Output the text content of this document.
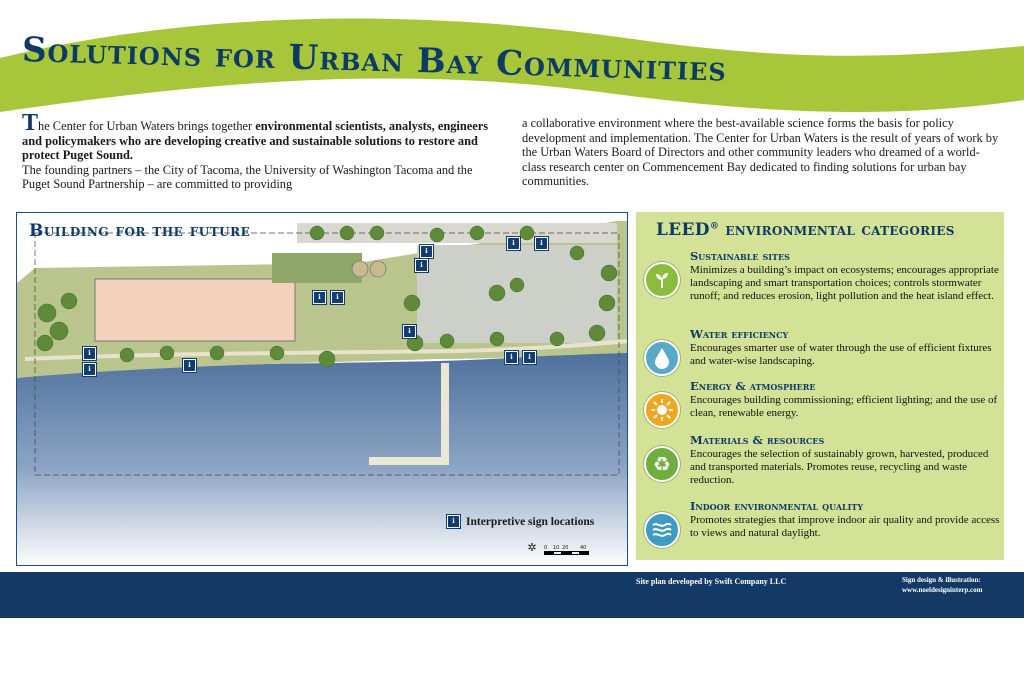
Solutions for Urban Bay Communities
The Center for Urban Waters brings together environmental scientists, analysts, engineers and policymakers who are developing creative and sustainable solutions to restore and protect Puget Sound.
The founding partners – the City of Tacoma, the University of Washington Tacoma and the Puget Sound Partnership – are committed to providing
a collaborative environment where the best-available science forms the basis for policy development and implementation. The Center for Urban Waters is the result of years of work by the Urban Waters Board of Directors and other community leaders who dreamed of a world-class research center on Commencement Bay dedicated to finding solutions for urban bay communities.
Building for the future
ℹ
ℹ
ℹ	ℹ
ℹ	ℹ
ℹ
ℹ
ℹ	ℹ
ℹ	ℹ
ℹ Interpretive sign locations
✲	0	10 20	40
LEED® environmental categories
Sustainable sites

Minimizes a building’s impact on ecosystems; encourages appropriate landscaping and smart transportation choices; controls stormwater runoff; and reduces erosion, light pollution and the heat island effect.

Water efficiency

Encourages smarter use of water through the use of efficient fixtures and water-wise landscaping.

Energy & atmosphere

Encourages building commissioning; efficient lighting; and the use of clean, renewable energy.

♻
Materials & resources

Encourages the selection of sustainably grown, harvested, produced and transported materials. Promotes reuse, recycling and waste reduction.

Indoor environmental quality

Promotes strategies that improve indoor air quality and provide access to views and natural daylight.

Site plan developed by Swift Company LLC	Sign design & illustration:
www.noeldesigninterp.com
